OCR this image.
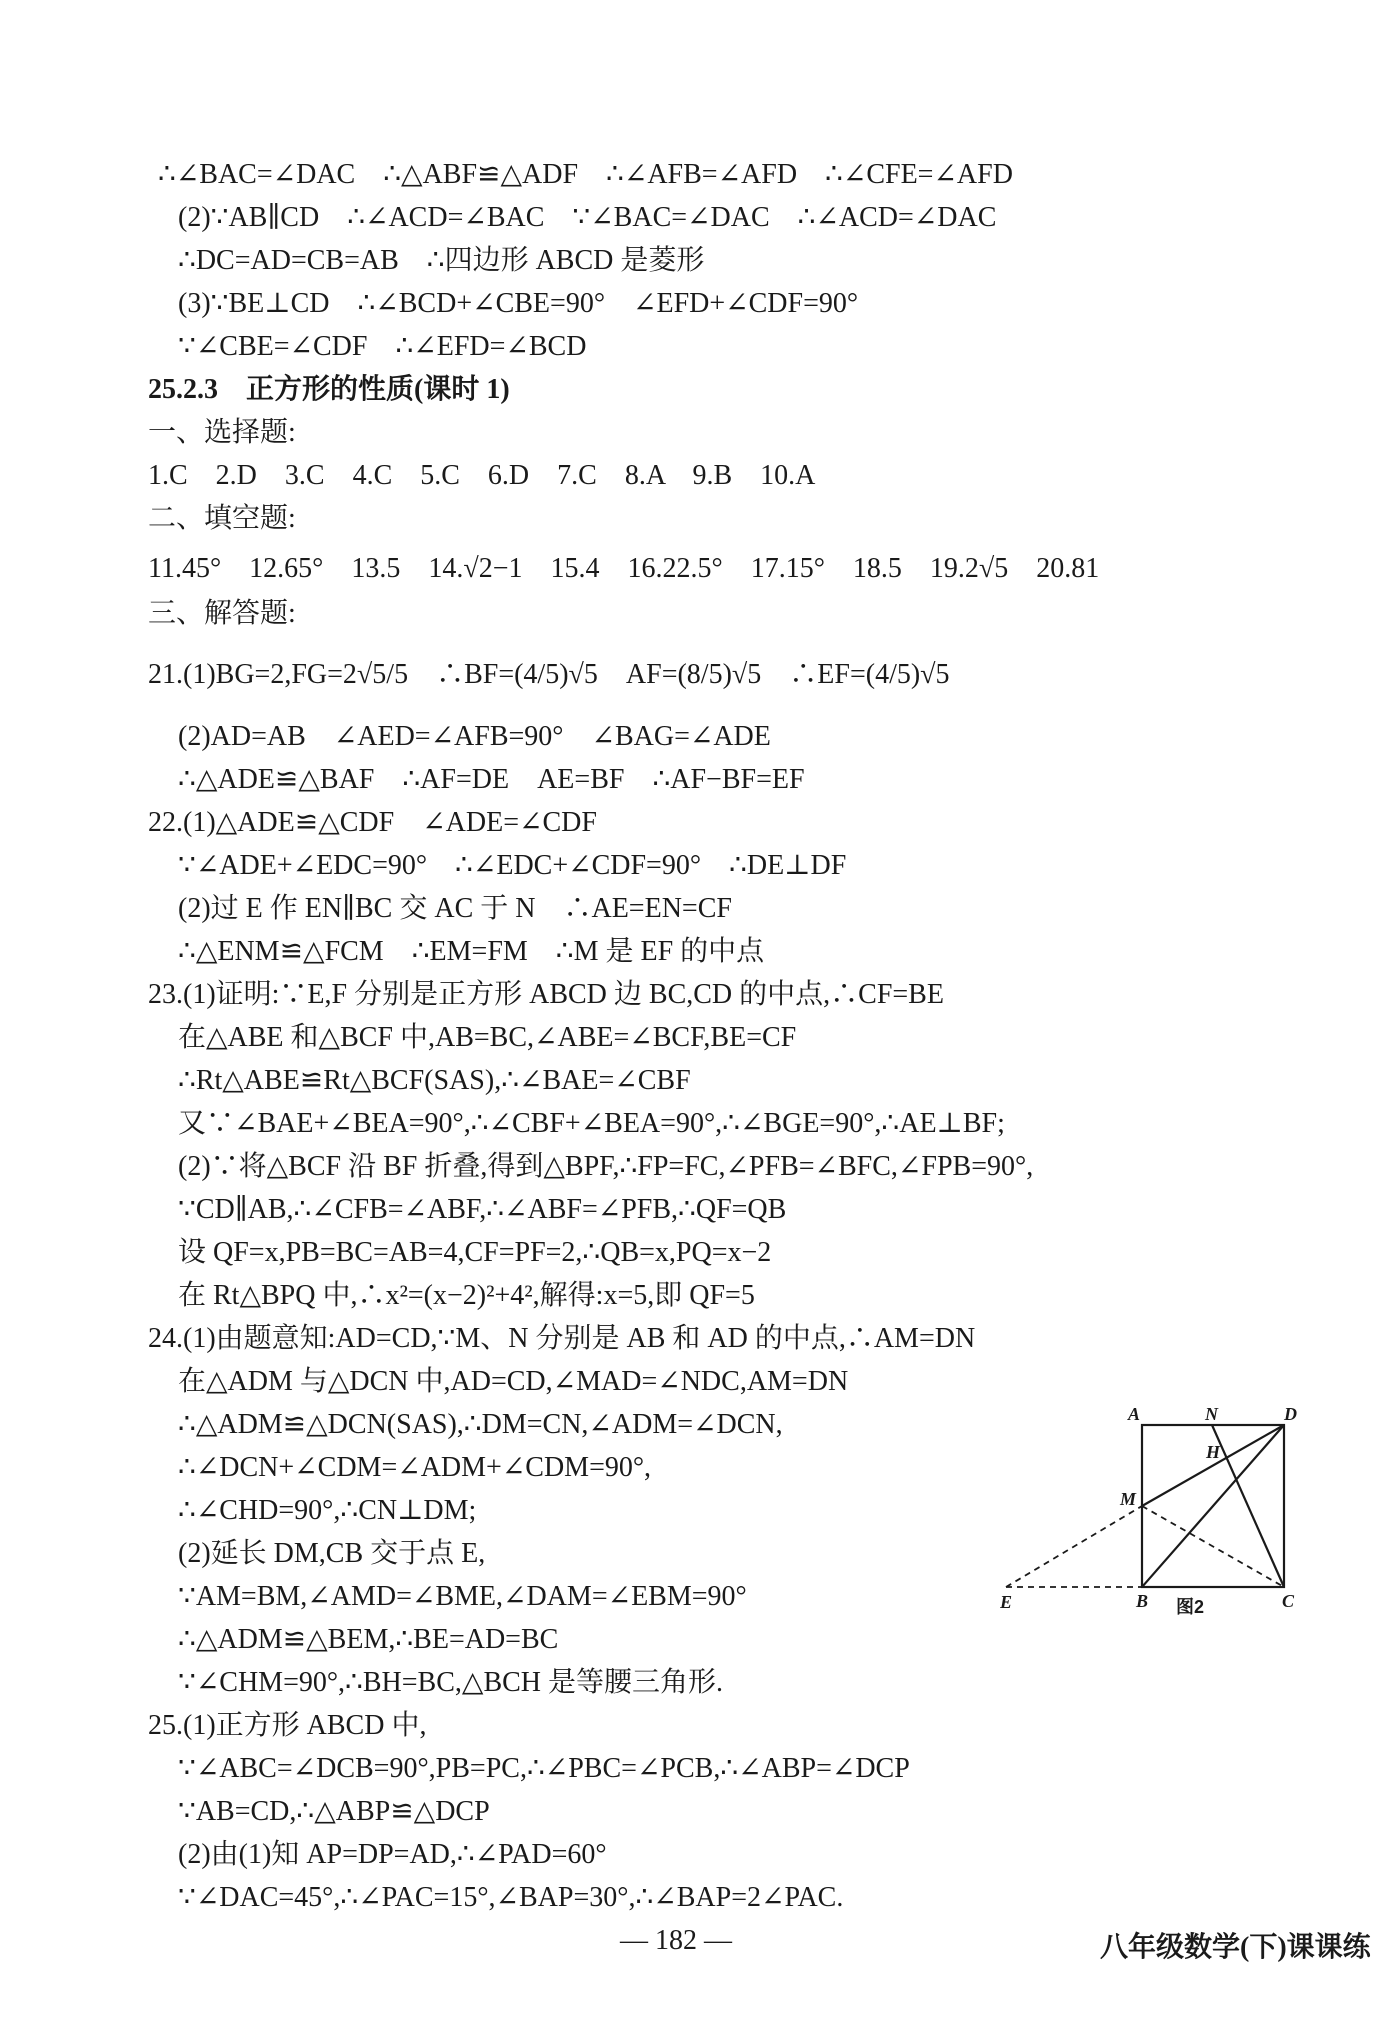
∴∠BAC=∠DAC　∴△ABF≌△ADF　∴∠AFB=∠AFD　∴∠CFE=∠AFD
(2)∵AB∥CD　∴∠ACD=∠BAC　∵∠BAC=∠DAC　∴∠ACD=∠DAC
∴DC=AD=CB=AB　∴四边形 ABCD 是菱形
(3)∵BE⊥CD　∴∠BCD+∠CBE=90°　∠EFD+∠CDF=90°
∵∠CBE=∠CDF　∴∠EFD=∠BCD
25.2.3　正方形的性质(课时 1)
一、选择题:
1.C　2.D　3.C　4.C　5.C　6.D　7.C　8.A　9.B　10.A
二、填空题:
11.45°　12.65°　13.5　14.√2−1　15.4　16.22.5°　17.15°　18.5　19.2√5　20.81
三、解答题:
21.(1)BG=2,FG=2√5/5　∴BF=(4/5)√5　AF=(8/5)√5　∴EF=(4/5)√5
(2)AD=AB　∠AED=∠AFB=90°　∠BAG=∠ADE
∴△ADE≌△BAF　∴AF=DE　AE=BF　∴AF−BF=EF
22.(1)△ADE≌△CDF　∠ADE=∠CDF
∵∠ADE+∠EDC=90°　∴∠EDC+∠CDF=90°　∴DE⊥DF
(2)过 E 作 EN∥BC 交 AC 于 N　∴AE=EN=CF
∴△ENM≌△FCM　∴EM=FM　∴M 是 EF 的中点
23.(1)证明:∵E,F 分别是正方形 ABCD 边 BC,CD 的中点,∴CF=BE
在△ABE 和△BCF 中,AB=BC,∠ABE=∠BCF,BE=CF
∴Rt△ABE≌Rt△BCF(SAS),∴∠BAE=∠CBF
又∵∠BAE+∠BEA=90°,∴∠CBF+∠BEA=90°,∴∠BGE=90°,∴AE⊥BF;
(2)∵将△BCF 沿 BF 折叠,得到△BPF,∴FP=FC,∠PFB=∠BFC,∠FPB=90°,
∵CD∥AB,∴∠CFB=∠ABF,∴∠ABF=∠PFB,∴QF=QB
设 QF=x,PB=BC=AB=4,CF=PF=2,∴QB=x,PQ=x−2
在 Rt△BPQ 中,∴x²=(x−2)²+4²,解得:x=5,即 QF=5
24.(1)由题意知:AD=CD,∵M、N 分别是 AB 和 AD 的中点,∴AM=DN
在△ADM 与△DCN 中,AD=CD,∠MAD=∠NDC,AM=DN
∴△ADM≌△DCN(SAS),∴DM=CN,∠ADM=∠DCN,
∴∠DCN+∠CDM=∠ADM+∠CDM=90°,
∴∠CHD=90°,∴CN⊥DM;
(2)延长 DM,CB 交于点 E,
∵AM=BM,∠AMD=∠BME,∠DAM=∠EBM=90°
∴△ADM≌△BEM,∴BE=AD=BC
∵∠CHM=90°,∴BH=BC,△BCH 是等腰三角形.
25.(1)正方形 ABCD 中,
∵∠ABC=∠DCB=90°,PB=PC,∴∠PBC=∠PCB,∴∠ABP=∠DCP
∵AB=CD,∴△ABP≌△DCP
(2)由(1)知 AP=DP=AD,∴∠PAD=60°
∵∠DAC=45°,∴∠PAC=15°,∠BAP=30°,∴∠BAP=2∠PAC.
A	N	D
H
M
E	B	C
图2
— 182 —	八年级数学(下)课课练
